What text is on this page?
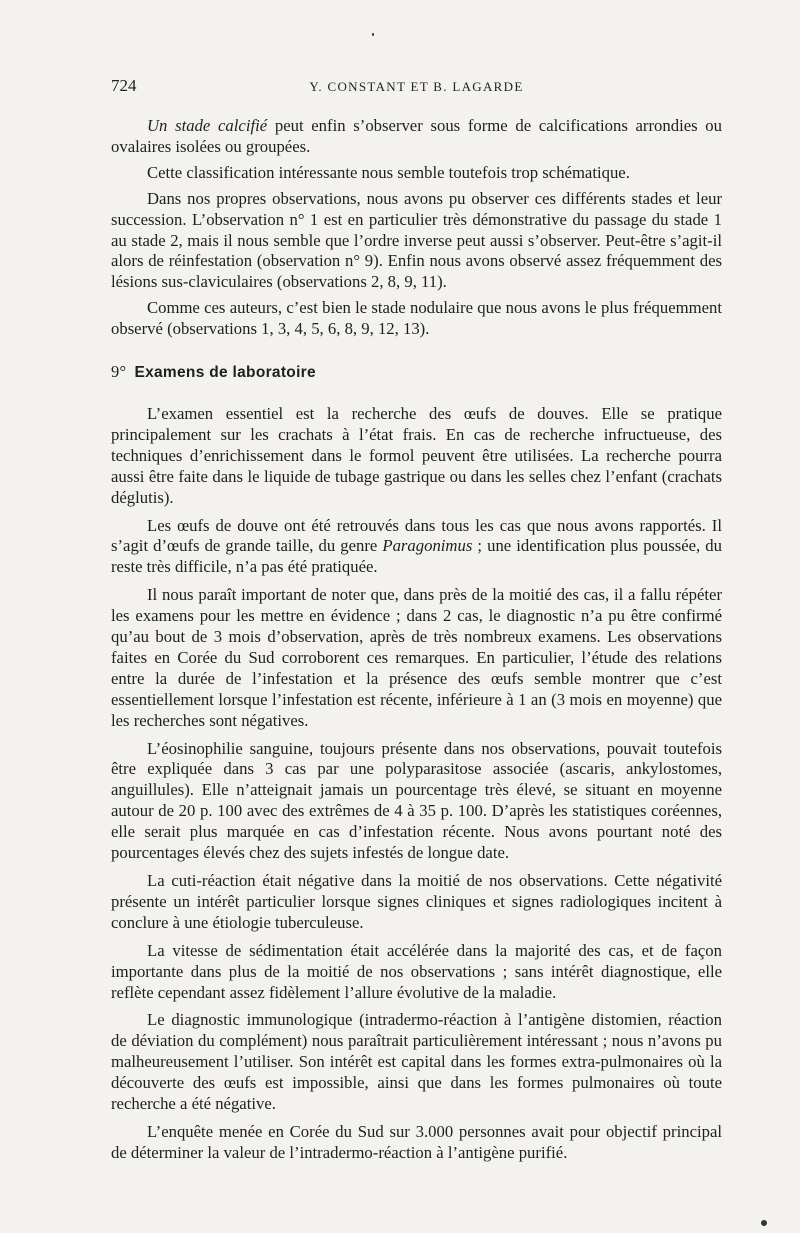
724	Y. CONSTANT ET B. LAGARDE

Un stade calcifié peut enfin s’observer sous forme de calcifications arrondies ou ovalaires isolées ou groupées.

Cette classification intéressante nous semble toutefois trop schématique.

Dans nos propres observations, nous avons pu observer ces différents stades et leur succession. L’observation n° 1 est en particulier très démonstrative du passage du stade 1 au stade 2, mais il nous semble que l’ordre inverse peut aussi s’observer. Peut-être s’agit-il alors de réinfestation (observation n° 9). Enfin nous avons observé assez fréquemment des lésions sus-claviculaires (observations 2, 8, 9, 11).

Comme ces auteurs, c’est bien le stade nodulaire que nous avons le plus fréquemment observé (observations 1, 3, 4, 5, 6, 8, 9, 12, 13).

9° Examens de laboratoire

L’examen essentiel est la recherche des œufs de douves. Elle se pratique principalement sur les crachats à l’état frais. En cas de recherche infructueuse, des techniques d’enrichissement dans le formol peuvent être utilisées. La recherche pourra aussi être faite dans le liquide de tubage gastrique ou dans les selles chez l’enfant (crachats déglutis).

Les œufs de douve ont été retrouvés dans tous les cas que nous avons rapportés. Il s’agit d’œufs de grande taille, du genre Paragonimus ; une identification plus poussée, du reste très difficile, n’a pas été pratiquée.

Il nous paraît important de noter que, dans près de la moitié des cas, il a fallu répéter les examens pour les mettre en évidence ; dans 2 cas, le diagnostic n’a pu être confirmé qu’au bout de 3 mois d’observation, après de très nombreux examens. Les observations faites en Corée du Sud corroborent ces remarques. En particulier, l’étude des relations entre la durée de l’infestation et la présence des œufs semble montrer que c’est essentiellement lorsque l’infestation est récente, inférieure à 1 an (3 mois en moyenne) que les recherches sont négatives.

L’éosinophilie sanguine, toujours présente dans nos observations, pouvait toutefois être expliquée dans 3 cas par une polyparasitose associée (ascaris, ankylostomes, anguillules). Elle n’atteignait jamais un pourcentage très élevé, se situant en moyenne autour de 20 p. 100 avec des extrêmes de 4 à 35 p. 100. D’après les statistiques coréennes, elle serait plus marquée en cas d’infestation récente. Nous avons pourtant noté des pourcentages élevés chez des sujets infestés de longue date.

La cuti-réaction était négative dans la moitié de nos observations. Cette négativité présente un intérêt particulier lorsque signes cliniques et signes radiologiques incitent à conclure à une étiologie tuberculeuse.

La vitesse de sédimentation était accélérée dans la majorité des cas, et de façon importante dans plus de la moitié de nos observations ; sans intérêt diagnostique, elle reflète cependant assez fidèlement l’allure évolutive de la maladie.

Le diagnostic immunologique (intradermo-réaction à l’antigène distomien, réaction de déviation du complément) nous paraîtrait particulièrement intéressant ; nous n’avons pu malheureusement l’utiliser. Son intérêt est capital dans les formes extra-pulmonaires où la découverte des œufs est impossible, ainsi que dans les formes pulmonaires où toute recherche a été négative.

L’enquête menée en Corée du Sud sur 3.000 personnes avait pour objectif principal de déterminer la valeur de l’intradermo-réaction à l’antigène purifié.
